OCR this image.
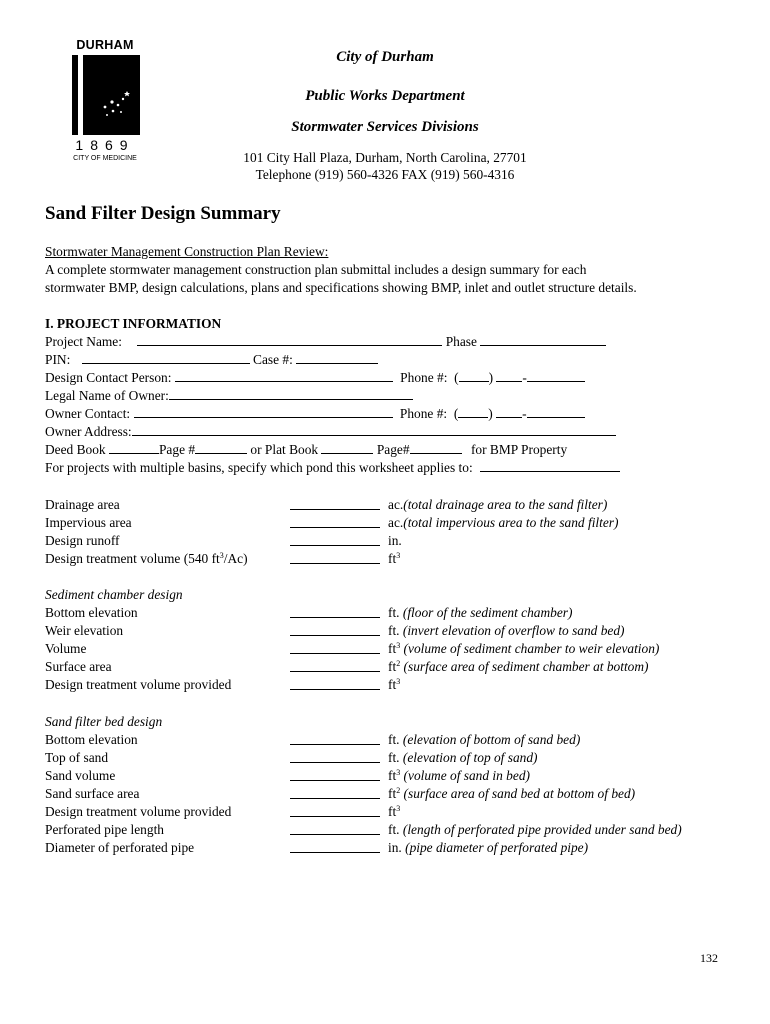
DURHAM
1869
CITY OF MEDICINE
City of Durham
Public Works Department
Stormwater Services Divisions
101 City Hall Plaza, Durham, North Carolina, 27701
Telephone (919) 560-4326 FAX (919) 560-4316
Sand Filter Design Summary
Stormwater Management Construction Plan Review:
A complete stormwater management construction plan submittal includes a design summary for each
stormwater BMP, design calculations, plans and specifications showing BMP, inlet and outlet structure details.
I. PROJECT INFORMATION
Project Name:	Phase
PIN:	Case #:
Design Contact Person:	Phone #:  ( ) -
Legal Name of Owner:
Owner Contact:	Phone #:  ( ) -
Owner Address:
Deed Book	Page #	or Plat Book	Page#	for BMP Property
For projects with multiple basins, specify which pond this worksheet applies to:
Drainage area	ac.(total drainage area to the sand filter)
Impervious area	ac.(total impervious area to the sand filter)
Design runoff	in.
Design treatment volume (540 $ft^3/Ac$)	$ft^3$
Sediment chamber design
Bottom elevation	ft. (floor of the sediment chamber)
Weir elevation	ft. (invert elevation of overflow to sand bed)
Volume	$ft^3$ (volume of sediment chamber to weir elevation)
Surface area	$ft^2$ (surface area of sediment chamber at bottom)
Design treatment volume provided	$ft^3$
Sand filter bed design
Bottom elevation	ft. (elevation of bottom of sand bed)
Top of sand	ft. (elevation of top of sand)
Sand volume	$ft^3$ (volume of sand in bed)
Sand surface area	$ft^2$ (surface area of sand bed at bottom of bed)
Design treatment volume provided	$ft^3$
Perforated pipe length	ft. (length of perforated pipe provided under sand bed)
Diameter of perforated pipe	in. (pipe diameter of perforated pipe)
132
